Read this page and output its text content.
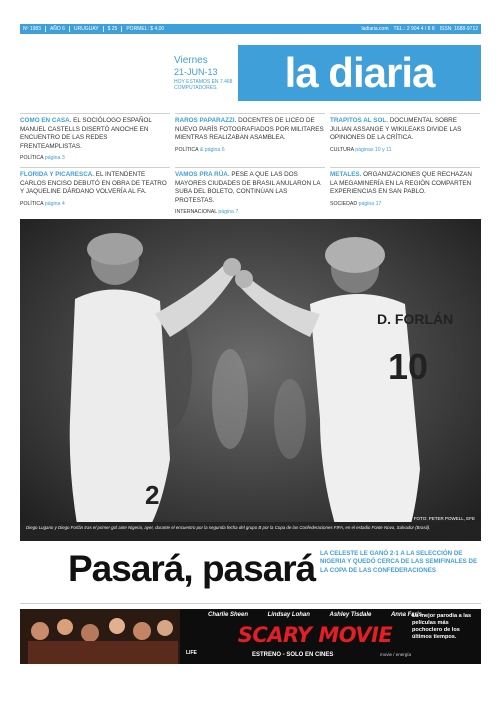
Nº 1983	AÑO 6	URUGUAY	$ 25	PORMEL: $ 4,00	ladiaria.com TEL.: 2 904 4 / 8 8 ISSN: 1688-9712
Viernes
21-JUN-13
HOY ESTAMOS EN 7.468 COMPUTADORES.	la diaria
COMO EN CASA. EL SOCIÓLOGO ESPAÑOL MANUEL CASTELLS DISERTÓ ANOCHE EN ENCUENTRO DE LAS REDES FRENTEAMPLISTAS.
POLÍTICA página 3
RAROS PAPARAZZI. DOCENTES DE LICEO DE NUEVO PARÍS FOTOGRAFIADOS POR MILITARES MIENTRAS REALIZABAN ASAMBLEA.
POLÍTICA & página 6
TRAPITOS AL SOL. DOCUMENTAL SOBRE JULIAN ASSANGE Y WIKILEAKS DIVIDE LAS OPINIONES DE LA CRÍTICA.
CULTURA páginas 10 y 11
FLORIDA Y PICARESCA. EL INTENDENTE CARLOS ENCISO DEBUTÓ EN OBRA DE TEATRO Y JAQUELINE DÁRDANO VOLVERÍA AL FA.
POLÍTICA página 4
VAMOS PRA RÚA. PESE A QUE LAS DOS MAYORES CIUDADES DE BRASIL ANULARON LA SUBA DEL BOLETO, CONTINÚAN LAS PROTESTAS.
INTERNACIONAL página 7
METALES. ORGANIZACIONES QUE RECHAZAN LA MEGAMINERÍA EN LA REGIÓN COMPARTEN EXPERIENCIAS EN SAN PABLO.
SOCIEDAD página 17
D. FORLÁN
10
2
FOTO: PETER POWELL, EFE
Diego Lugano y Diego Forlán tras el primer gol ante Nigeria, ayer, durante el encuentro por la segunda fecha del grupo B por la Copa de las Confederaciones FIFA, en el estadio Fonte Nova, Salvador (Brasil).
Pasará, pasará LA CELESTE LE GANÓ 2-1 A LA SELECCIÓN DE NIGERIA Y QUEDÓ CERCA DE LAS SEMIFINALES DE LA COPA DE LAS CONFEDERACIONES
Charlie Sheen	Lindsay Lohan	Ashley Tisdale	Anna Faris
SCARY MOVIE
LIFE	ESTRENO - SOLO EN CINES	movie / energía
La mejor parodia a las películas más pochoclero de los últimos tiempos.
